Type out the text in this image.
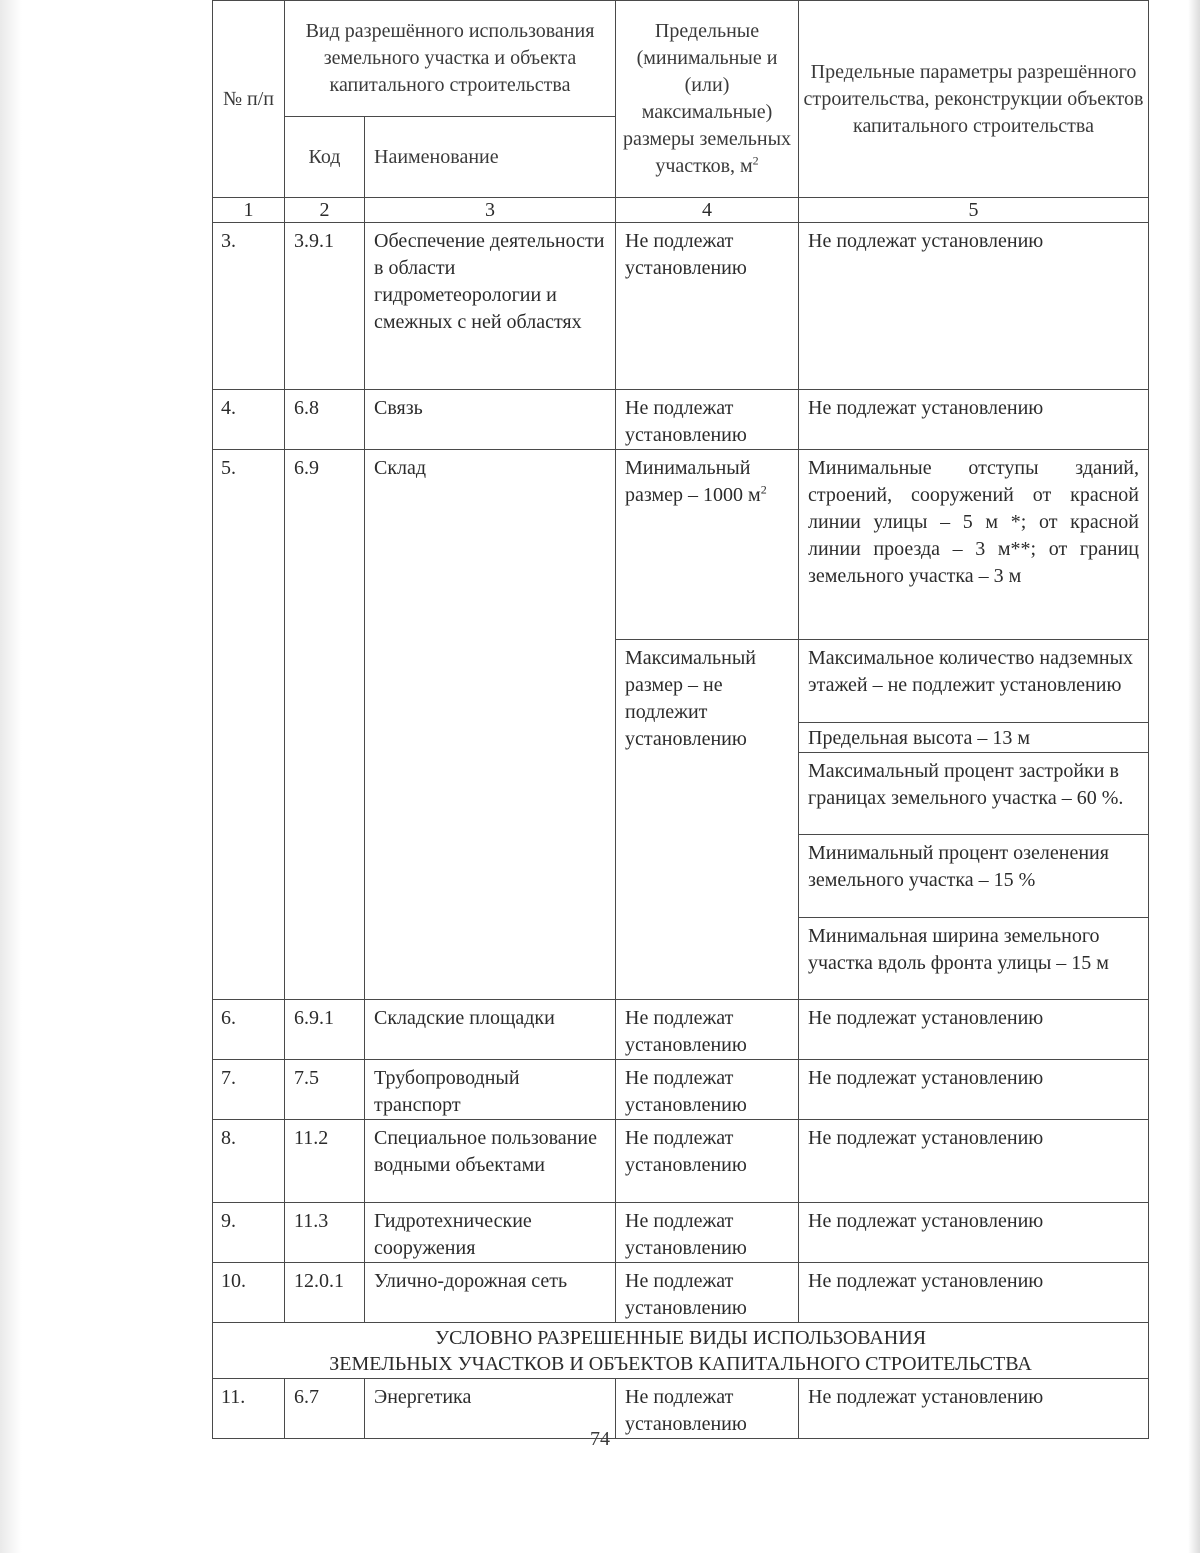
№ п/п	Вид разрешённого использования земельного участка и объекта капитального строительства		Предельные (минимальные и (или) максимальные) размеры земельных участков, $м^2$	Предельные параметры разрешённого строительства, реконструкции объектов капитального строительства
	Код	Наименование		
1	2	3	4	5
3.	3.9.1	Обеспечение деятельности в области гидрометеорологии и смежных с ней областях	Не подлежат установлению	Не подлежат установлению
4.	6.8	Связь	Не подлежат установлению	Не подлежат установлению
5.	6.9	Склад	Минимальный размер – 1000 $м^2$	Минимальные отступы зданий, строений, сооружений от красной линии улицы – 5 м *; от красной линии проезда – 3 м**; от границ земельного участка – 3 м
			Максимальный размер – не подлежит установлению	Максимальное количество надземных этажей – не подлежит установлению
				Предельная высота – 13 м
				Максимальный процент застройки в границах земельного участка – 60 %.
				Минимальный процент озеленения земельного участка – 15 %
				Минимальная ширина земельного участка вдоль фронта улицы – 15 м
6.	6.9.1	Складские площадки	Не подлежат установлению	Не подлежат установлению
7.	7.5	Трубопроводный транспорт	Не подлежат установлению	Не подлежат установлению
8.	11.2	Специальное пользование водными объектами	Не подлежат установлению	Не подлежат установлению
9.	11.3	Гидротехнические сооружения	Не подлежат установлению	Не подлежат установлению
10.	12.0.1	Улично-дорожная сеть	Не подлежат установлению	Не подлежат установлению

УСЛОВНО РАЗРЕШЕННЫЕ ВИДЫ ИСПОЛЬЗОВАНИЯ
ЗЕМЕЛЬНЫХ УЧАСТКОВ И ОБЪЕКТОВ КАПИТАЛЬНОГО СТРОИТЕЛЬСТВА				

11.	6.7	Энергетика	Не подлежат установлению	Не подлежат установлению
74
